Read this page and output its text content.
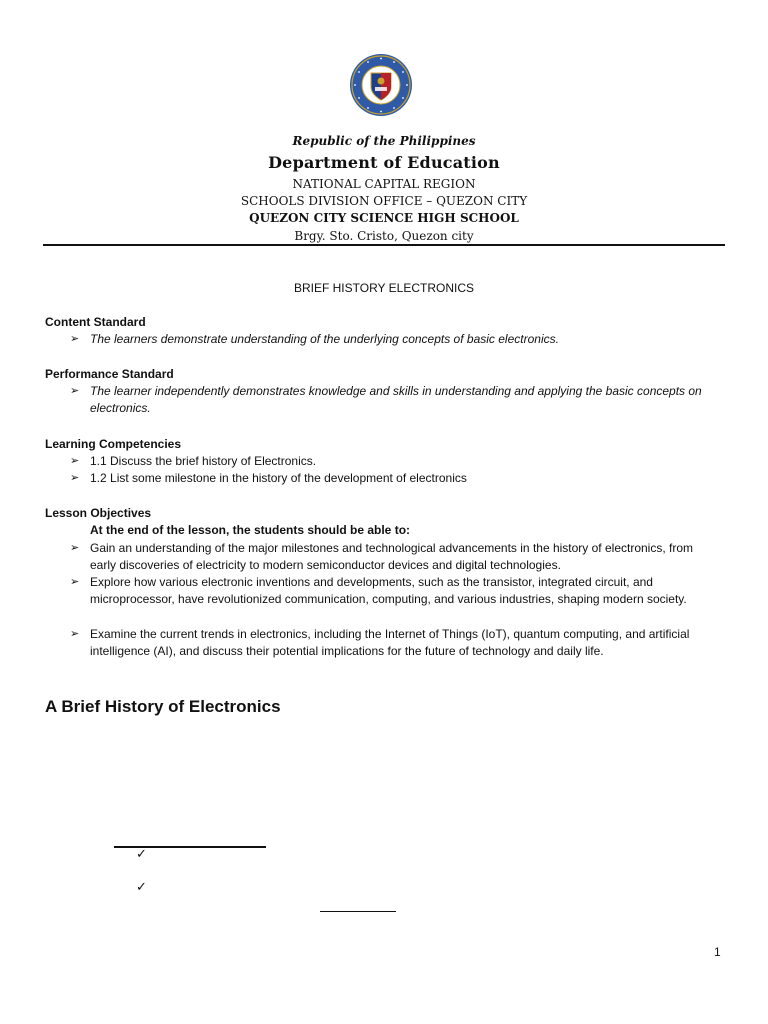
Republic of the Philippines
Department of Education
NATIONAL CAPITAL REGION
SCHOOLS DIVISION OFFICE – QUEZON CITY
QUEZON CITY SCIENCE HIGH SCHOOL
Brgy. Sto. Cristo, Quezon city
BRIEF HISTORY ELECTRONICS
Content Standard
➢ The learners demonstrate understanding of the underlying concepts of basic electronics.
Performance Standard
➢ The learner independently demonstrates knowledge and skills in understanding and applying the basic concepts on electronics.
Learning Competencies
➢ 1.1 Discuss the brief history of Electronics.
➢ 1.2 List some milestone in the history of the development of electronics
Lesson Objectives
At the end of the lesson, the students should be able to:
➢ Gain an understanding of the major milestones and technological advancements in the history of electronics, from early discoveries of electricity to modern semiconductor devices and digital technologies.
➢ Explore how various electronic inventions and developments, such as the transistor, integrated circuit, and microprocessor, have revolutionized communication, computing, and various industries, shaping modern society.
➢ Examine the current trends in electronics, including the Internet of Things (IoT), quantum computing, and artificial intelligence (AI), and discuss their potential implications for the future of technology and daily life.
A Brief History of Electronics
✓
✓
1
